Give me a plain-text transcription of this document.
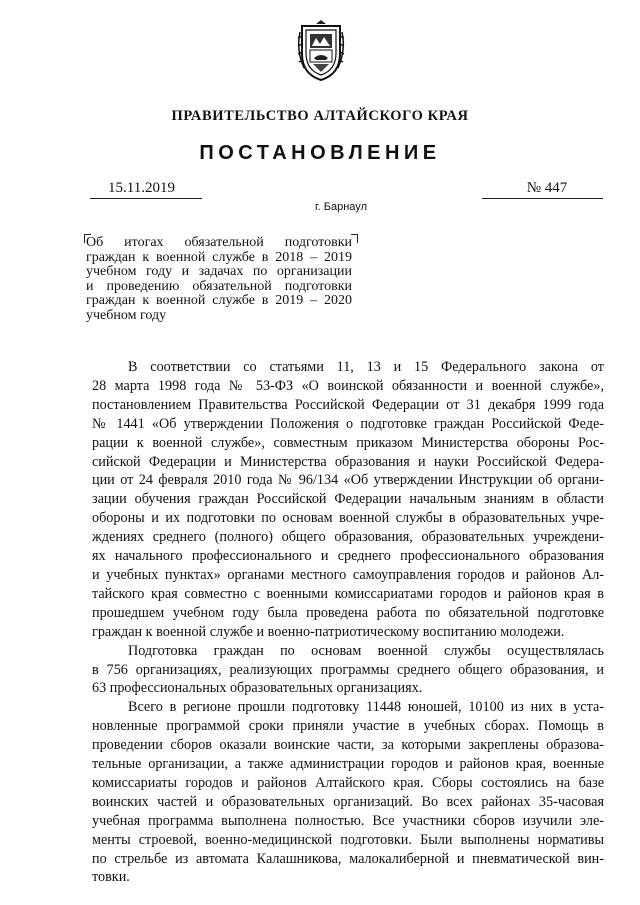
ПРАВИТЕЛЬСТВО АЛТАЙСКОГО КРАЯ
ПОСТАНОВЛЕНИЕ
15.11.2019	№ 447
г. Барнаул
Об итогах обязательной подготовки
граждан к военной службе в 2018 – 2019
учебном году и задачах по организации
и проведению обязательной подготовки
граждан к военной службе в 2019 – 2020
учебном году
В соответствии со статьями 11, 13 и 15 Федерального закона от
28 марта 1998 года № 53-ФЗ «О воинской обязанности и военной службе»,
постановлением Правительства Российской Федерации от 31 декабря 1999 года
№ 1441 «Об утверждении Положения о подготовке граждан Российской Феде-
рации к военной службе», совместным приказом Министерства обороны Рос-
сийской Федерации и Министерства образования и науки Российской Федера-
ции от 24 февраля 2010 года № 96/134 «Об утверждении Инструкции об органи-
зации обучения граждан Российской Федерации начальным знаниям в области
обороны и их подготовки по основам военной службы в образовательных учре-
ждениях среднего (полного) общего образования, образовательных учреждени-
ях начального профессионального и среднего профессионального образования
и учебных пунктах» органами местного самоуправления городов и районов Ал-
тайского края совместно с военными комиссариатами городов и районов края в
прошедшем учебном году была проведена работа по обязательной подготовке
граждан к военной службе и военно-патриотическому воспитанию молодежи.
Подготовка граждан по основам военной службы осуществлялась
в 756 организациях, реализующих программы среднего общего образования, и
63 профессиональных образовательных организациях.
Всего в регионе прошли подготовку 11448 юношей, 10100 из них в уста-
новленные программой сроки приняли участие в учебных сборах. Помощь в
проведении сборов оказали воинские части, за которыми закреплены образова-
тельные организации, а также администрации городов и районов края, военные
комиссариаты городов и районов Алтайского края. Сборы состоялись на базе
воинских частей и образовательных организаций. Во всех районах 35-часовая
учебная программа выполнена полностью. Все участники сборов изучили эле-
менты строевой, военно-медицинской подготовки. Были выполнены нормативы
по стрельбе из автомата Калашникова, малокалиберной и пневматической вин-
товки.
